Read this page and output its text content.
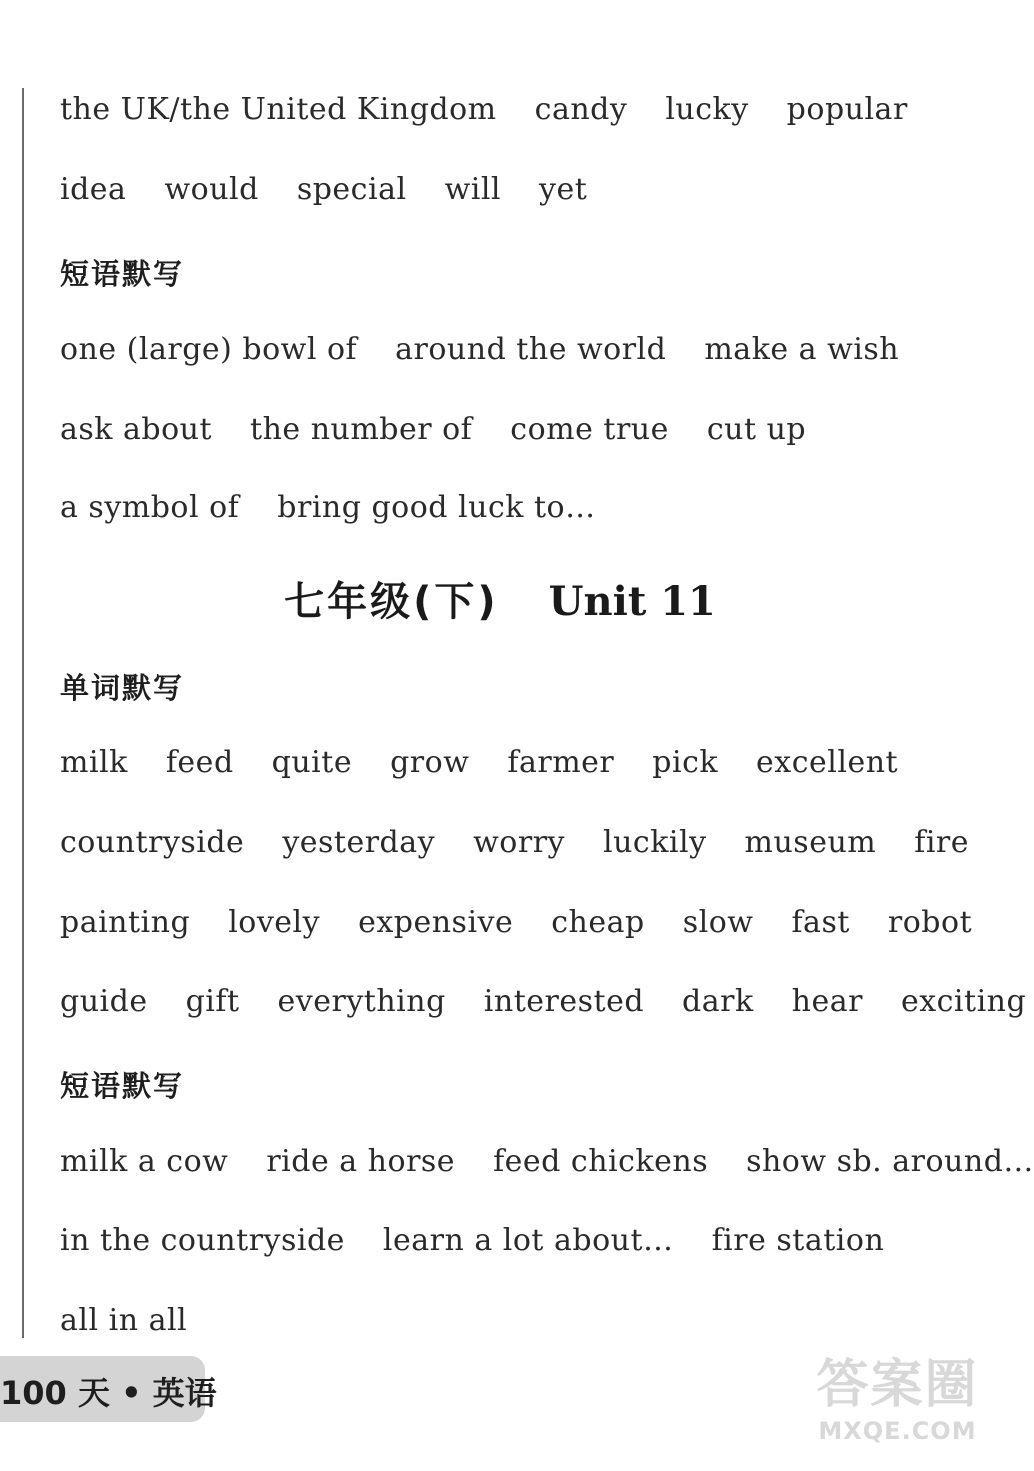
the UK/the United Kingdom candy lucky popular
idea would special will yet
短语默写
one (large) bowl of around the world make a wish
ask about the number of come true cut up
a symbol of bring good luck to…
七年级(下) Unit 11
单词默写
milk feed quite grow farmer pick excellent
countryside yesterday worry luckily museum fire
painting lovely expensive cheap slow fast robot
guide gift everything interested dark hear exciting
短语默写
milk a cow ride a horse feed chickens show sb. around…
in the countryside learn a lot about… fire station
all in all
100 天 • 英语	答案圈
MXQE.COM
